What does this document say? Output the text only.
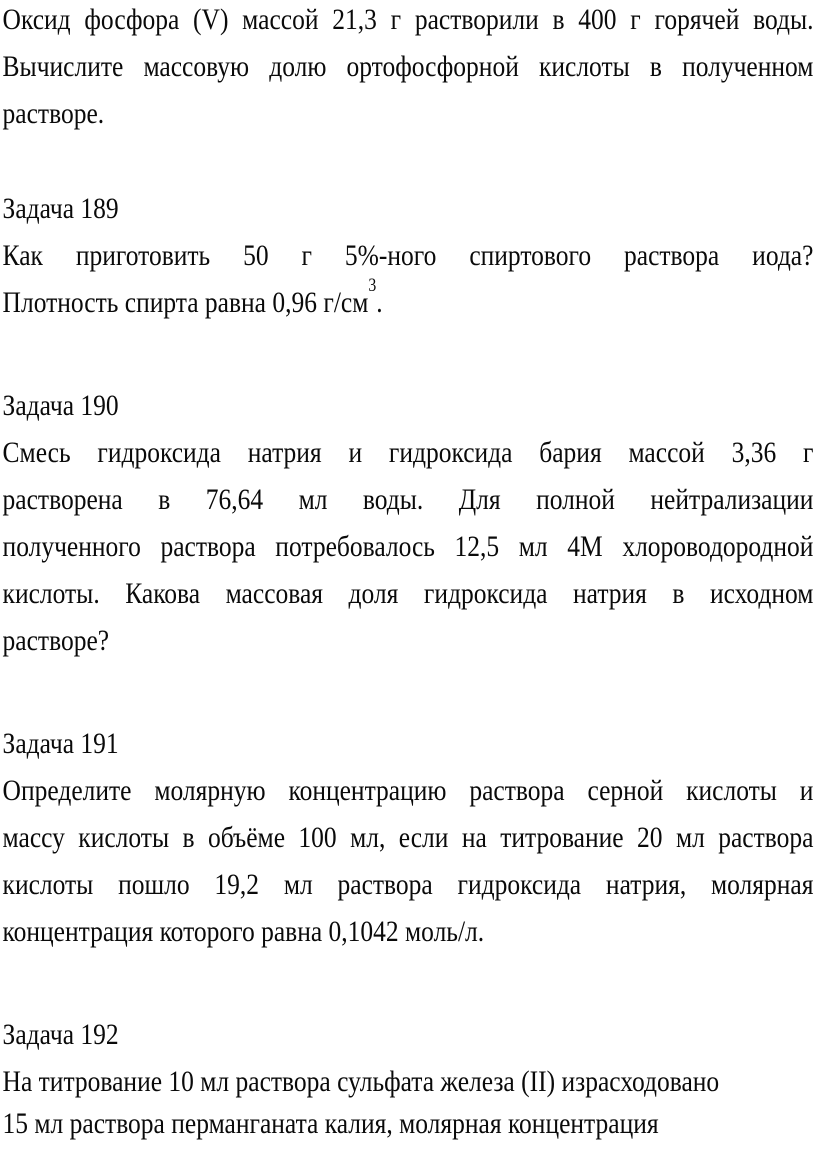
Оксид фосфора (V) массой 21,3 г растворили в 400 г горячей воды.
Вычислите массовую долю ортофосфорной кислоты в полученном
растворе.
Задача 189
Как приготовить 50 г 5%-ного спиртового раствора иода?
Плотность спирта равна 0,96 $г/см^3$.
Задача 190
Смесь гидроксида натрия и гидроксида бария массой 3,36 г
растворена в 76,64 мл воды. Для полной нейтрализации
полученного раствора потребовалось 12,5 мл 4М хлороводородной
кислоты. Какова массовая доля гидроксида натрия в исходном
растворе?
Задача 191
Определите молярную концентрацию раствора серной кислоты и
массу кислоты в объёме 100 мл, если на титрование 20 мл раствора
кислоты пошло 19,2 мл раствора гидроксида натрия, молярная
концентрация которого равна 0,1042 моль/л.
Задача 192
На титрование 10 мл раствора сульфата железа (II) израсходовано
15 мл раствора перманганата калия, молярная концентрация
